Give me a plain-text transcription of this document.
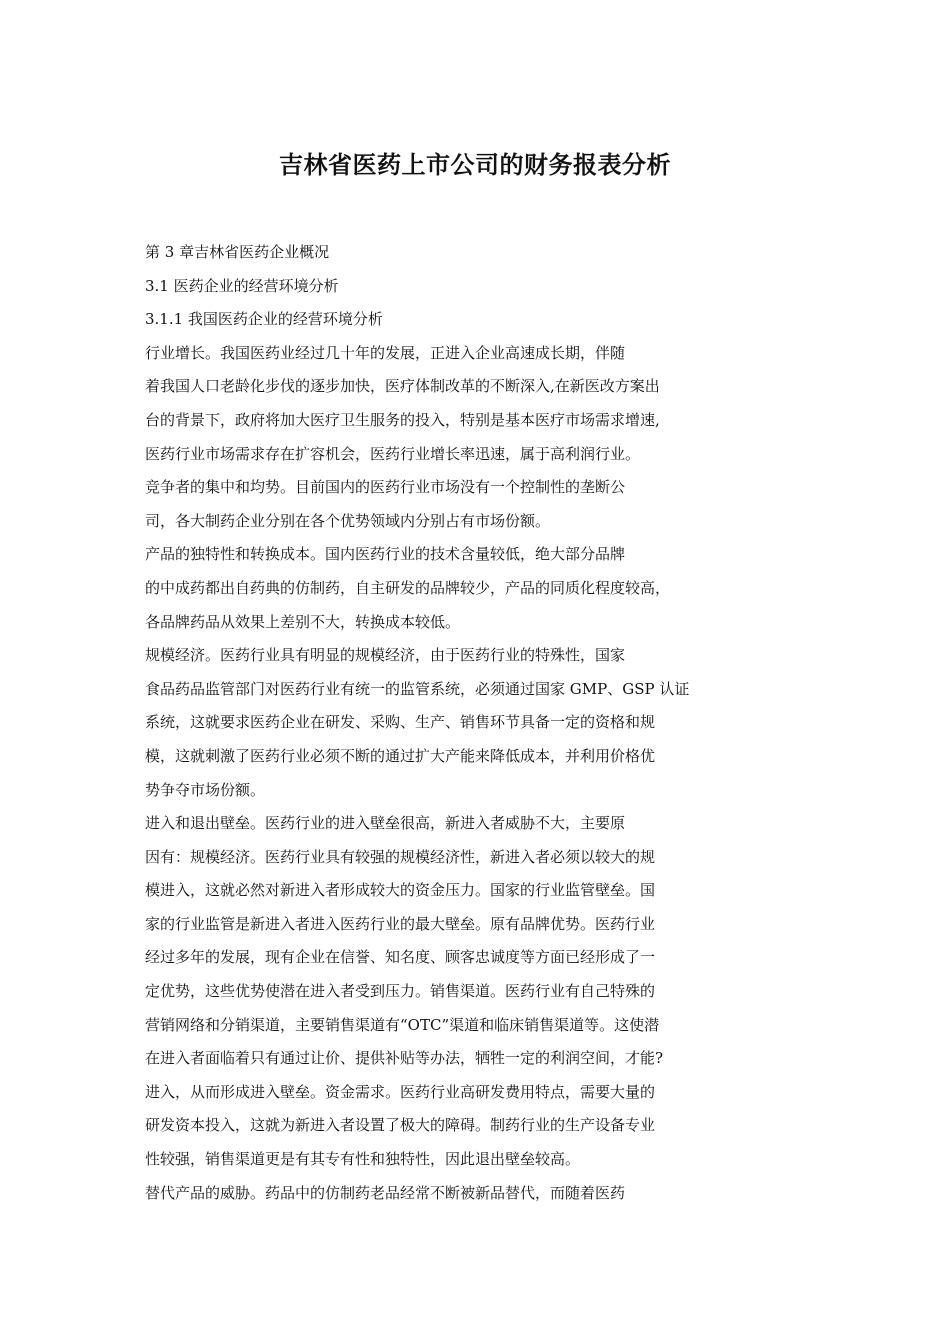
吉林省医药上市公司的财务报表分析
第 3 章吉林省医药企业概况
3.1 医药企业的经营环境分析
3.1.1 我国医药企业的经营环境分析
行业增长。我国医药业经过几十年的发展，正进入企业高速成长期，伴随
着我国人口老龄化步伐的逐步加快，医疗体制改革的不断深入,在新医改方案出
台的背景下，政府将加大医疗卫生服务的投入，特别是基本医疗市场需求增速,
医药行业市场需求存在扩容机会，医药行业增长率迅速，属于高利润行业。
竞争者的集中和均势。目前国内的医药行业市场没有一个控制性的垄断公
司，各大制药企业分别在各个优势领域内分别占有市场份额。
产品的独特性和转换成本。国内医药行业的技术含量较低，绝大部分品牌
的中成药都出自药典的仿制药，自主研发的品牌较少，产品的同质化程度较高，
各品牌药品从效果上差别不大，转换成本较低。
规模经济。医药行业具有明显的规模经济，由于医药行业的特殊性，国家
食品药品监管部门对医药行业有统一的监管系统，必须通过国家 GMP、GSP 认证
系统，这就要求医药企业在研发、采购、生产、销售环节具备一定的资格和规
模，这就刺激了医药行业必须不断的通过扩大产能来降低成本，并利用价格优
势争夺市场份额。
进入和退出壁垒。医药行业的进入壁垒很高，新进入者威胁不大，主要原
因有：规模经济。医药行业具有较强的规模经济性，新进入者必须以较大的规
模进入，这就必然对新进入者形成较大的资金压力。国家的行业监管壁垒。国
家的行业监管是新进入者进入医药行业的最大壁垒。原有品牌优势。医药行业
经过多年的发展，现有企业在信誉、知名度、顾客忠诚度等方面已经形成了一
定优势，这些优势使潜在进入者受到压力。销售渠道。医药行业有自己特殊的
营销网络和分销渠道，主要销售渠道有“OTC”渠道和临床销售渠道等。这使潜
在进入者面临着只有通过让价、提供补贴等办法，牺牲一定的利润空间，才能?
进入，从而形成进入壁垒。资金需求。医药行业高研发费用特点，需要大量的
研发资本投入，这就为新进入者设置了极大的障碍。制药行业的生产设备专业
性较强，销售渠道更是有其专有性和独特性，因此退出壁垒较高。
替代产品的威胁。药品中的仿制药老品经常不断被新品替代，而随着医药
